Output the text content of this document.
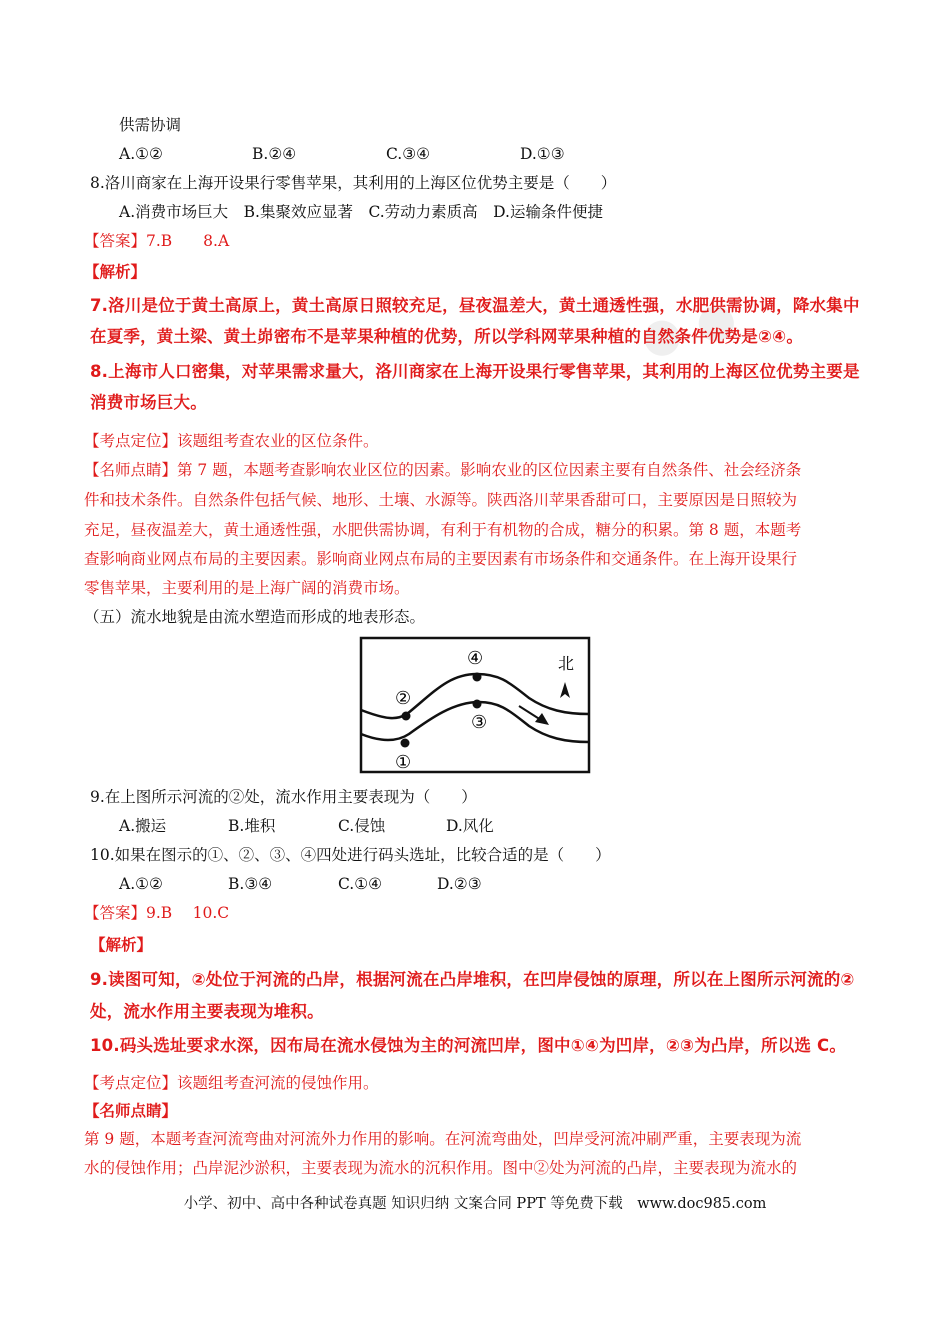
● ●
供需协调
A.①②	B.②④	C.③④	D.①③
8.洛川商家在上海开设果行零售苹果，其利用的上海区位优势主要是（　　）
A.消费市场巨大　B.集聚效应显著　C.劳动力素质高　D.运输条件便捷
【答案】7.B　　8.A
【解析】
7.洛川是位于黄土高原上，黄土高原日照较充足，昼夜温差大，黄土通透性强，水肥供需协调，降水集中
在夏季，黄土梁、黄土峁密布不是苹果种植的优势，所以学科网苹果种植的自然条件优势是②④。
8.上海市人口密集，对苹果需求量大，洛川商家在上海开设果行零售苹果，其利用的上海区位优势主要是
消费市场巨大。
【考点定位】该题组考查农业的区位条件。
【名师点睛】第 7 题，本题考查影响农业区位的因素。影响农业的区位因素主要有自然条件、社会经济条
件和技术条件。自然条件包括气候、地形、土壤、水源等。陕西洛川苹果香甜可口，主要原因是日照较为
充足，昼夜温差大，黄土通透性强，水肥供需协调，有利于有机物的合成，糖分的积累。第 8 题，本题考
查影响商业网点布局的主要因素。影响商业网点布局的主要因素有市场条件和交通条件。在上海开设果行
零售苹果，主要利用的是上海广阔的消费市场。
（五）流水地貌是由流水塑造而形成的地表形态。
北
①
②
③
④
9.在上图所示河流的②处，流水作用主要表现为（　　）
A.搬运	B.堆积	C.侵蚀	D.风化
10.如果在图示的①、②、③、④四处进行码头选址，比较合适的是（　　）
A.①②	B.③④	C.①④	D.②③
【答案】9.B　 10.C
【解析】
9.读图可知，②处位于河流的凸岸，根据河流在凸岸堆积，在凹岸侵蚀的原理，所以在上图所示河流的②
处，流水作用主要表现为堆积。
10.码头选址要求水深，因布局在流水侵蚀为主的河流凹岸，图中①④为凹岸，②③为凸岸，所以选 C。
【考点定位】该题组考查河流的侵蚀作用。
【名师点睛】
第 9 题，本题考查河流弯曲对河流外力作用的影响。在河流弯曲处，凹岸受河流冲刷严重，主要表现为流
水的侵蚀作用；凸岸泥沙淤积，主要表现为流水的沉积作用。图中②处为河流的凸岸，主要表现为流水的
小学、初中、高中各种试卷真题 知识归纳 文案合同 PPT 等免费下载　www.doc985.com
